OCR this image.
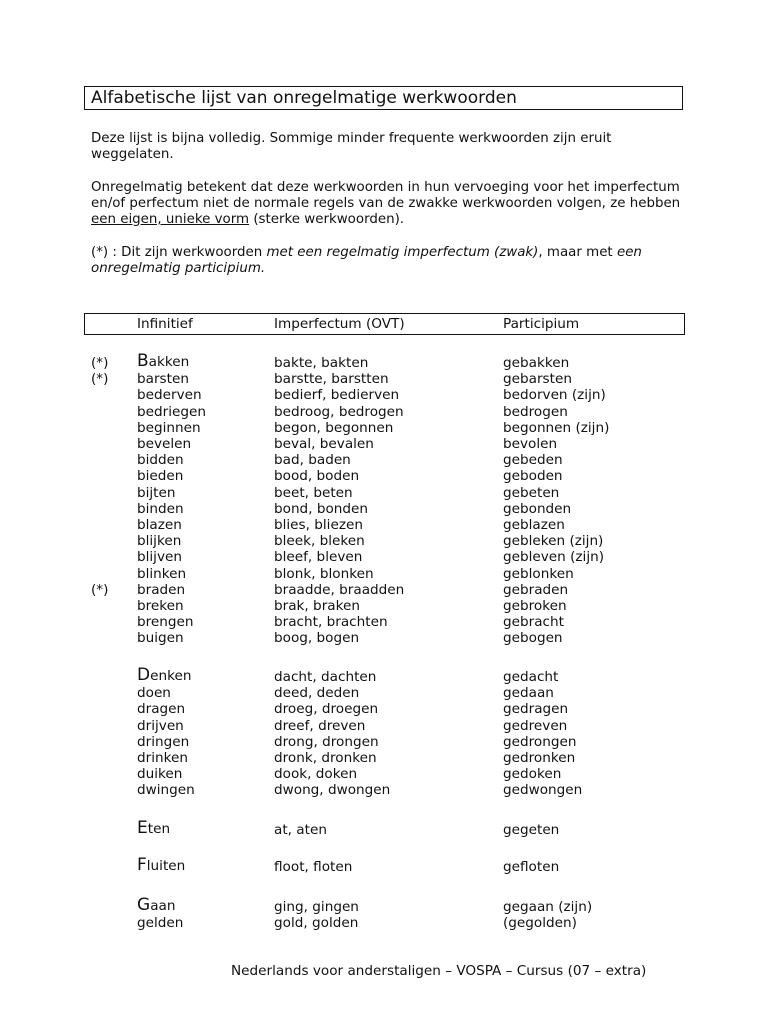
Alfabetische lijst van onregelmatige werkwoorden

Deze lijst is bijna volledig. Sommige minder frequente werkwoorden zijn eruit weggelaten.

Onregelmatig betekent dat deze werkwoorden in hun vervoeging voor het imperfectum en/of perfectum niet de normale regels van de zwakke werkwoorden volgen, ze hebben een eigen, unieke vorm (sterke werkwoorden).

(*) : Dit zijn werkwoorden met een regelmatig imperfectum (zwak), maar met een onregelmatig participium.

Infinitief	Imperfectum (OVT)	Participium
(*) Bakken	bakte, bakten	gebakken
(*) barsten	barstte, barstten	gebarsten
bederven	bedierf, bedierven	bedorven (zijn)
bedriegen	bedroog, bedrogen	bedrogen
beginnen	begon, begonnen	begonnen (zijn)
bevelen	beval, bevalen	bevolen
bidden	bad, baden	gebeden
bieden	bood, boden	geboden
bijten	beet, beten	gebeten
binden	bond, bonden	gebonden
blazen	blies, bliezen	geblazen
blijken	bleek, bleken	gebleken (zijn)
blijven	bleef, bleven	gebleven (zijn)
blinken	blonk, blonken	geblonken
(*) braden	braadde, braadden	gebraden
breken	brak, braken	gebroken
brengen	bracht, brachten	gebracht
buigen	boog, bogen	gebogen
Denken	dacht, dachten	gedacht
doen	deed, deden	gedaan
dragen	droeg, droegen	gedragen
drijven	dreef, dreven	gedreven
dringen	drong, drongen	gedrongen
drinken	dronk, dronken	gedronken
duiken	dook, doken	gedoken
dwingen	dwong, dwongen	gedwongen
Eten	at, aten	gegeten
Fluiten	floot, floten	gefloten
Gaan	ging, gingen	gegaan (zijn)
gelden	gold, golden	(gegolden)
Nederlands voor anderstaligen – VOSPA – Cursus (07 – extra)
